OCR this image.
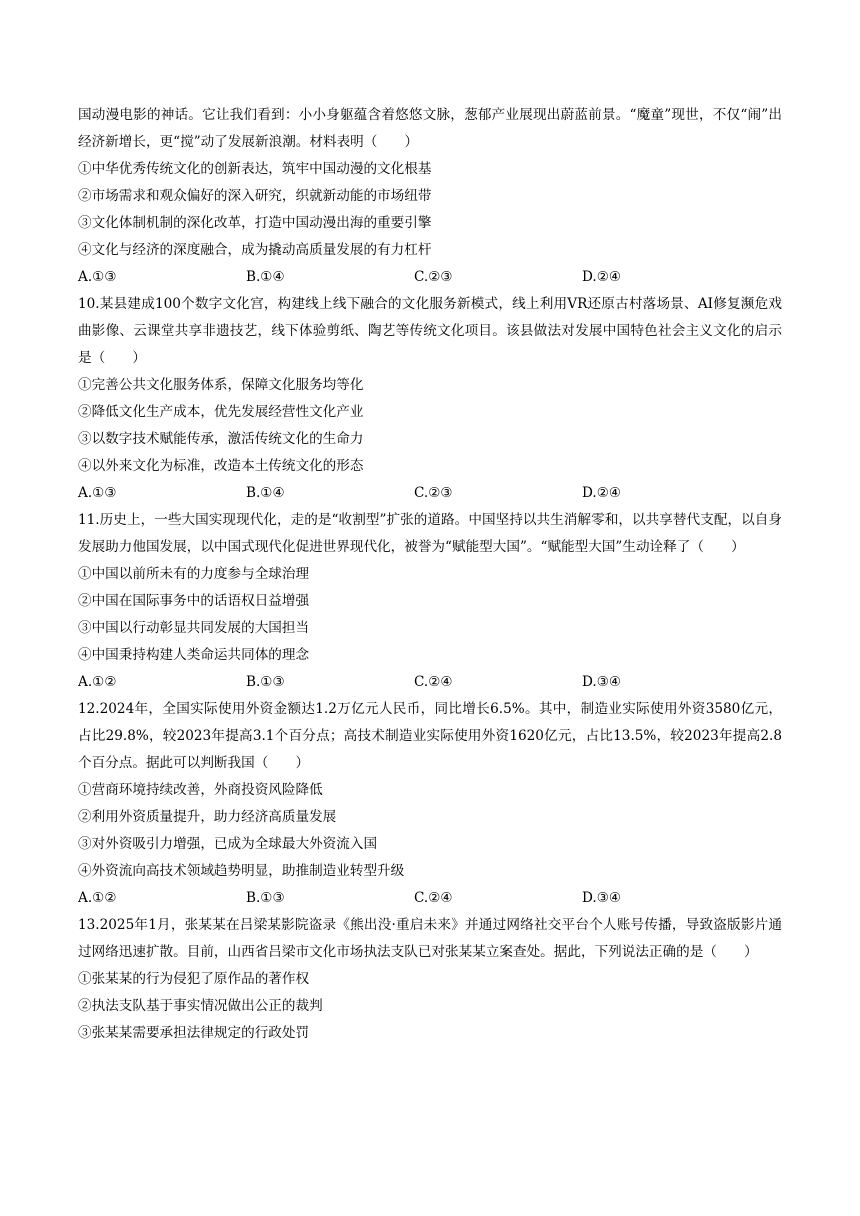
国动漫电影的神话。它让我们看到：小小身躯蕴含着悠悠文脉，葱郁产业展现出蔚蓝前景。“魔童”现世，不仅“闹”出经济新增长，更“搅”动了发展新浪潮。材料表明（　　）

①中华优秀传统文化的创新表达，筑牢中国动漫的文化根基

②市场需求和观众偏好的深入研究，织就新动能的市场纽带

③文化体制机制的深化改革，打造中国动漫出海的重要引擎

④文化与经济的深度融合，成为撬动高质量发展的有力杠杆

A.①③	B.①④	C.②③	D.②④

10.某县建成100个数字文化宫，构建线上线下融合的文化服务新模式，线上利用VR还原古村落场景、AI修复濒危戏曲影像、云课堂共享非遗技艺，线下体验剪纸、陶艺等传统文化项目。该县做法对发展中国特色社会主义文化的启示是（　　）

①完善公共文化服务体系，保障文化服务均等化

②降低文化生产成本，优先发展经营性文化产业

③以数字技术赋能传承，激活传统文化的生命力

④以外来文化为标准，改造本土传统文化的形态

A.①③	B.①④	C.②③	D.②④

11.历史上，一些大国实现现代化，走的是“收割型”扩张的道路。中国坚持以共生消解零和，以共享替代支配，以自身发展助力他国发展，以中国式现代化促进世界现代化，被誉为“赋能型大国”。“赋能型大国”生动诠释了（　　）

①中国以前所未有的力度参与全球治理

②中国在国际事务中的话语权日益增强

③中国以行动彰显共同发展的大国担当

④中国秉持构建人类命运共同体的理念

A.①②	B.①③	C.②④	D.③④

12.2024年，全国实际使用外资金额达1.2万亿元人民币，同比增长6.5%。其中，制造业实际使用外资3580亿元，占比29.8%，较2023年提高3.1个百分点；高技术制造业实际使用外资1620亿元，占比13.5%，较2023年提高2.8个百分点。据此可以判断我国（　　）

①营商环境持续改善，外商投资风险降低

②利用外资质量提升，助力经济高质量发展

③对外资吸引力增强，已成为全球最大外资流入国

④外资流向高技术领域趋势明显，助推制造业转型升级

A.①②	B.①③	C.②④	D.③④

13.2025年1月，张某某在吕梁某影院盗录《熊出没·重启未来》并通过网络社交平台个人账号传播，导致盗版影片通过网络迅速扩散。目前，山西省吕梁市文化市场执法支队已对张某某立案查处。据此，下列说法正确的是（　　）

①张某某的行为侵犯了原作品的著作权

②执法支队基于事实情况做出公正的裁判

③张某某需要承担法律规定的行政处罚
